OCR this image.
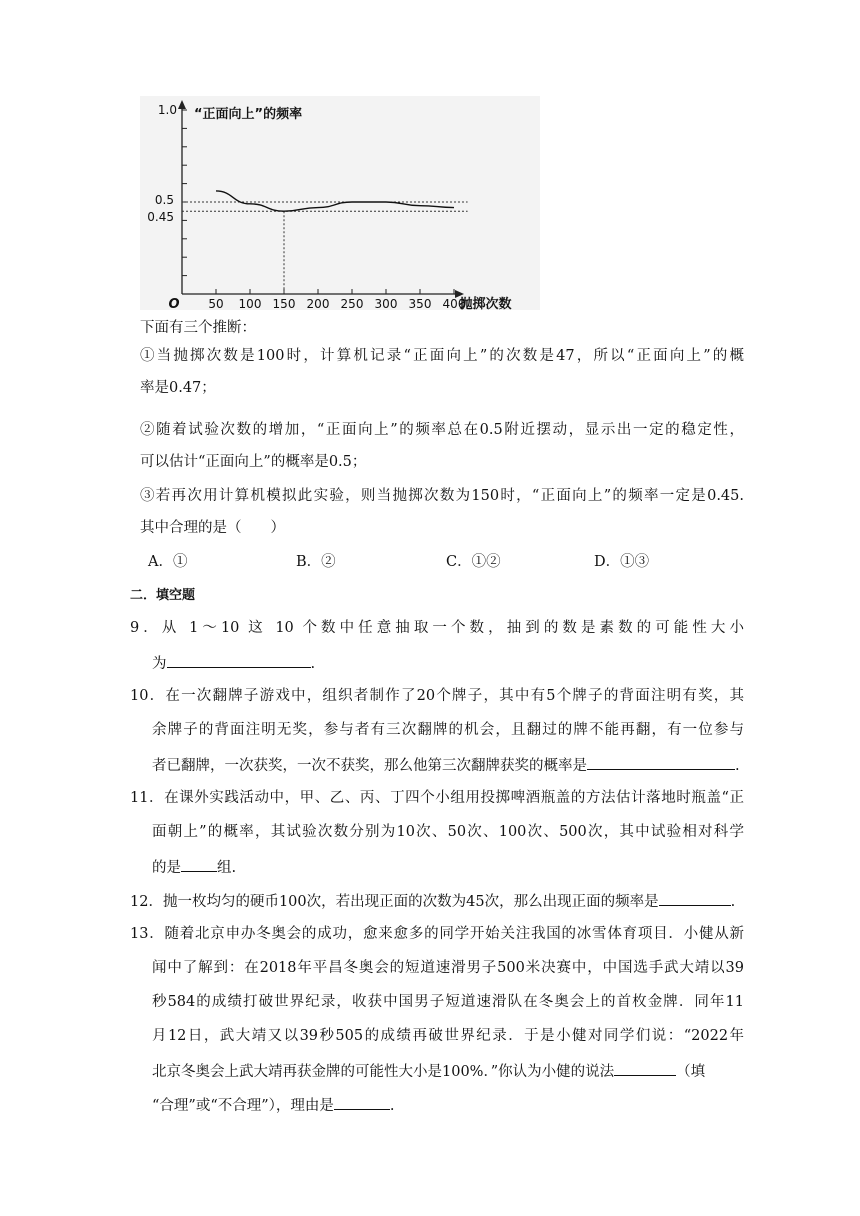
50 100 150 200 250 300 350 400
1.0
0.5
0.45
“正面向上”的频率
抛掷次数
O
下面有三个推断：
①当抛掷次数是100时，计算机记录“正面向上”的次数是47，所以“正面向上”的概
率是0.47；
②随着试验次数的增加，“正面向上”的频率总在0.5附近摆动，显示出一定的稳定性，
可以估计“正面向上”的概率是0.5；
③若再次用计算机模拟此实验，则当抛掷次数为150时，“正面向上”的频率一定是0.45.
其中合理的是（　　）
A．①	B．②	C．①②	D．①③
二．填空题
9．从 1～10 这 10 个数中任意抽取一个数，抽到的数是素数的可能性大小
为	.
10．在一次翻牌子游戏中，组织者制作了20个牌子，其中有5个牌子的背面注明有奖，其
余牌子的背面注明无奖，参与者有三次翻牌的机会，且翻过的牌不能再翻，有一位参与
者已翻牌，一次获奖，一次不获奖，那么他第三次翻牌获奖的概率是	.
11．在课外实践活动中，甲、乙、丙、丁四个小组用投掷啤酒瓶盖的方法估计落地时瓶盖“正
面朝上”的概率，其试验次数分别为10次、50次、100次、500次，其中试验相对科学
的是 组.
12．抛一枚均匀的硬币100次，若出现正面的次数为45次，那么出现正面的频率是	.
13．随着北京申办冬奥会的成功，愈来愈多的同学开始关注我国的冰雪体育项目．小健从新
闻中了解到：在2018年平昌冬奥会的短道速滑男子500米决赛中，中国选手武大靖以39
秒584的成绩打破世界纪录，收获中国男子短道速滑队在冬奥会上的首枚金牌．同年11
月12日，武大靖又以39秒505的成绩再破世界纪录．于是小健对同学们说：“2022年
北京冬奥会上武大靖再获金牌的可能性大小是100%．”你认为小健的说法	（填
“合理”或“不合理”），理由是	.
